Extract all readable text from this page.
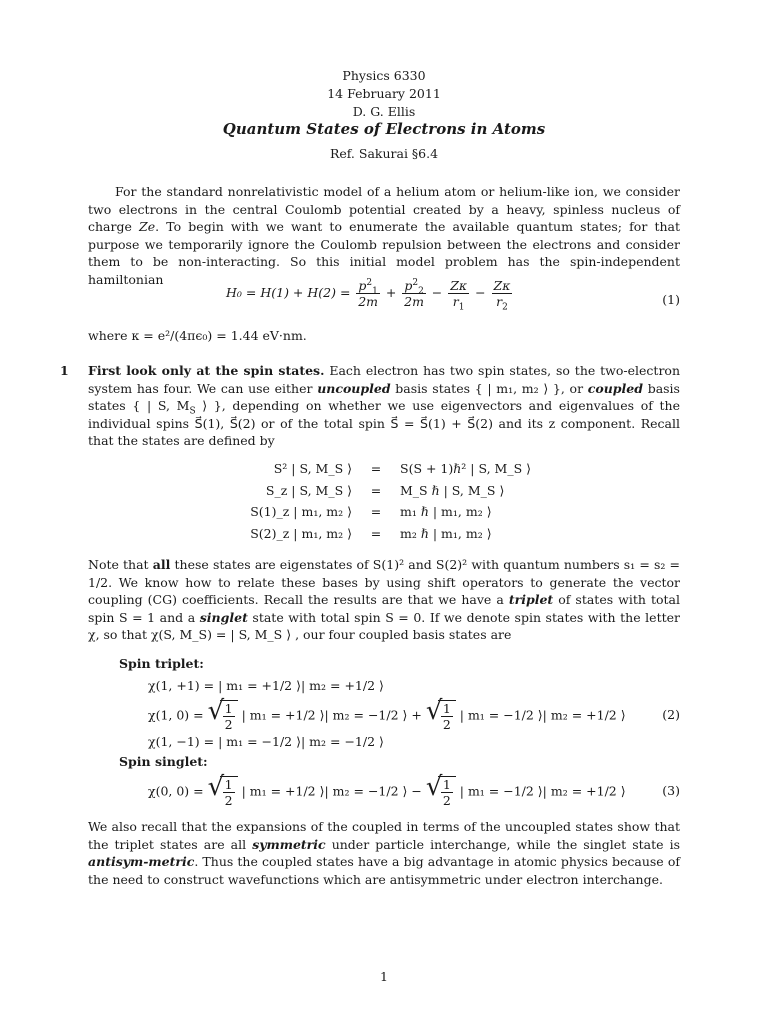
Physics 6330
14 February 2011
D. G. Ellis
Quantum States of Electrons in Atoms
Ref. Sakurai §6.4
For the standard nonrelativistic model of a helium atom or helium-like ion, we consider two electrons in the central Coulomb potential created by a heavy, spinless nucleus of charge Ze. To begin with we want to enumerate the available quantum states; for that purpose we temporarily ignore the Coulomb repulsion between the electrons and consider them to be non-interacting. So this initial model problem has the spin-independent hamiltonian
$H_0 = H(1) + H(2) = \frac{p^2_1}{2m} + \frac{p^2_2}{2m} - \frac{Z\kappa}{r_1} - \frac{Z\kappa}{r_2}$	(1)
where κ = e²/(4πϵ₀) = 1.44 eV·nm.
1 First look only at the spin states. Each electron has two spin states, so the two-electron system has four. We can use either uncoupled basis states { | m₁, m₂ ⟩ }, or coupled basis states { | S, $M_S$ ⟩ }, depending on whether we use eigenvectors and eigenvalues of the individual spins S⃗(1), S⃗(2) or of the total spin S⃗ = S⃗(1) + S⃗(2) and its z component. Recall that the states are defined by
S² | S, M_S ⟩ = S(S + 1)ℏ² | S, M_S ⟩
S_z | S, M_S ⟩ = M_S ℏ | S, M_S ⟩
S(1)_z | m₁, m₂ ⟩ = m₁ ℏ | m₁, m₂ ⟩
S(2)_z | m₁, m₂ ⟩ = m₂ ℏ | m₁, m₂ ⟩
Note that all these states are eigenstates of S(1)² and S(2)² with quantum numbers s₁ = s₂ = 1/2. We know how to relate these bases by using shift operators to generate the vector coupling (CG) coefficients. Recall the results are that we have a triplet of states with total spin S = 1 and a singlet state with total spin S = 0. If we denote spin states with the letter χ, so that χ(S, M_S) = | S, M_S ⟩ , our four coupled basis states are
Spin triplet:
χ(1, +1) = | m₁ = +1/2 ⟩| m₂ = +1/2 ⟩
χ(1, 0) = √
$\frac{1}{2}$ | m₁ = +1/2 ⟩| m₂ = −1/2 ⟩ + √
$\frac{1}{2}$ | m₁ = −1/2 ⟩| m₂ = +1/2 ⟩	(2)
χ(1, −1) = | m₁ = −1/2 ⟩| m₂ = −1/2 ⟩
Spin singlet:
χ(0, 0) = √
$\frac{1}{2}$ | m₁ = +1/2 ⟩| m₂ = −1/2 ⟩ − √
$\frac{1}{2}$ | m₁ = −1/2 ⟩| m₂ = +1/2 ⟩	(3)
We also recall that the expansions of the coupled in terms of the uncoupled states show that the triplet states are all symmetric under particle interchange, while the singlet state is antisym-metric. Thus the coupled states have a big advantage in atomic physics because of the need to construct wavefunctions which are antisymmetric under electron interchange.
1
